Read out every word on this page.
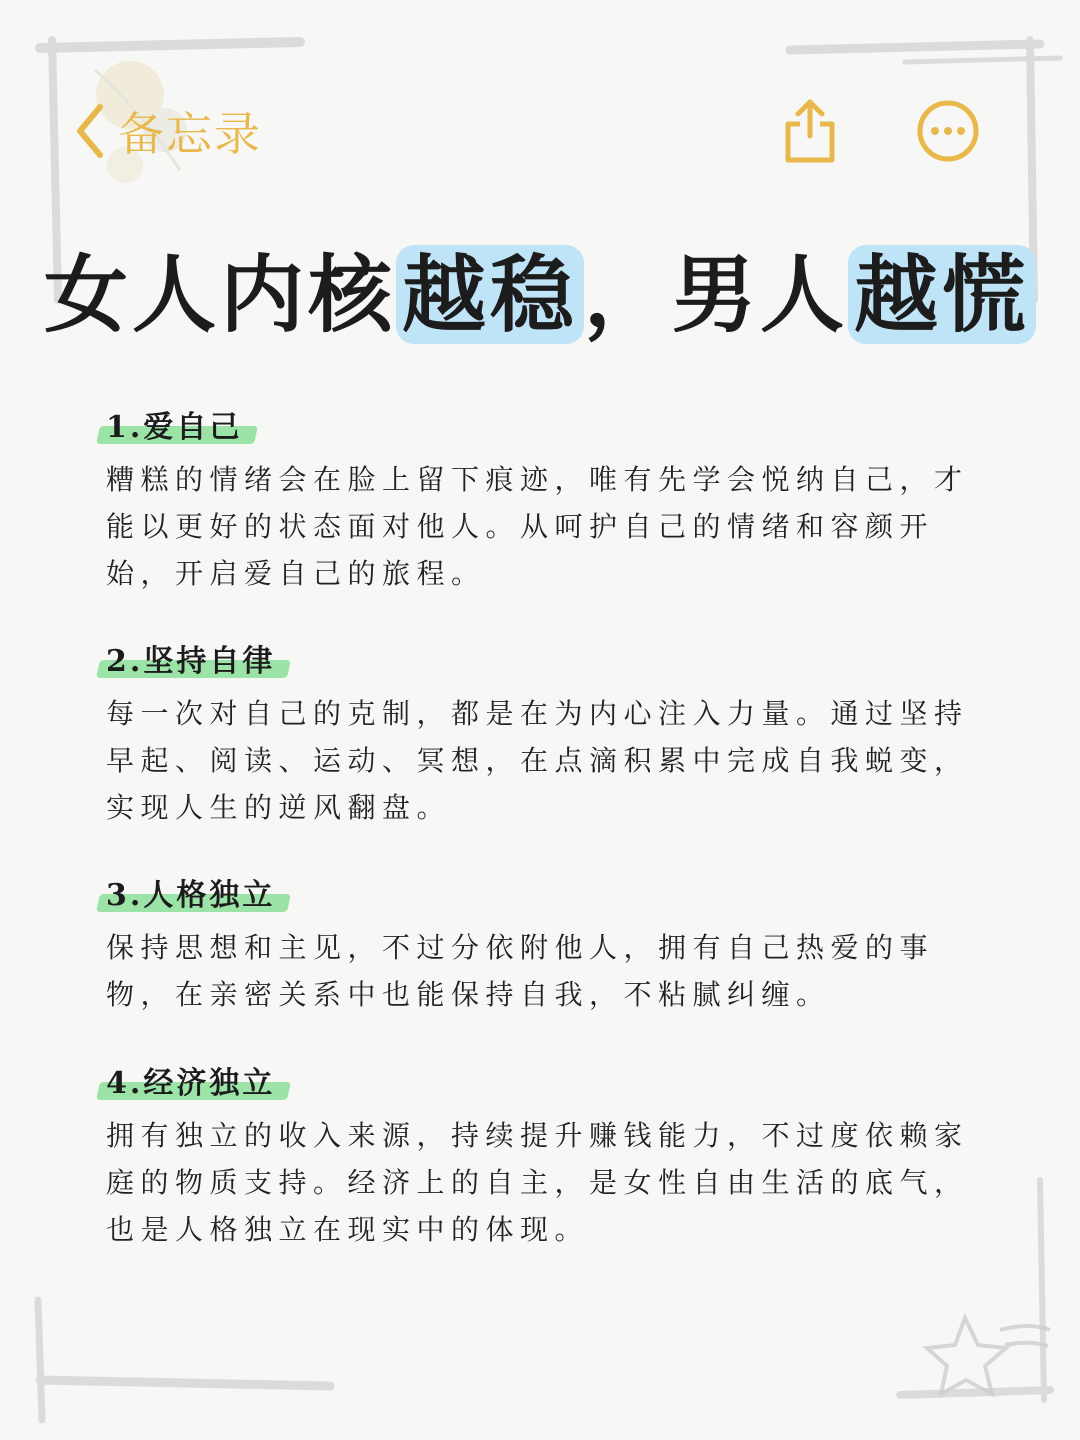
备忘录
女人内核越稳，男人越慌
1.爱自己
糟糕的情绪会在脸上留下痕迹，唯有先学会悦纳自己，才能以更好的状态面对他人。从呵护自己的情绪和容颜开始，开启爱自己的旅程。
2.坚持自律
每一次对自己的克制，都是在为内心注入力量。通过坚持早起、阅读、运动、冥想，在点滴积累中完成自我蜕变，实现人生的逆风翻盘。
3.人格独立
保持思想和主见，不过分依附他人，拥有自己热爱的事物，在亲密关系中也能保持自我，不粘腻纠缠。
4.经济独立
拥有独立的收入来源，持续提升赚钱能力，不过度依赖家庭的物质支持。经济上的自主，是女性自由生活的底气，也是人格独立在现实中的体现。
